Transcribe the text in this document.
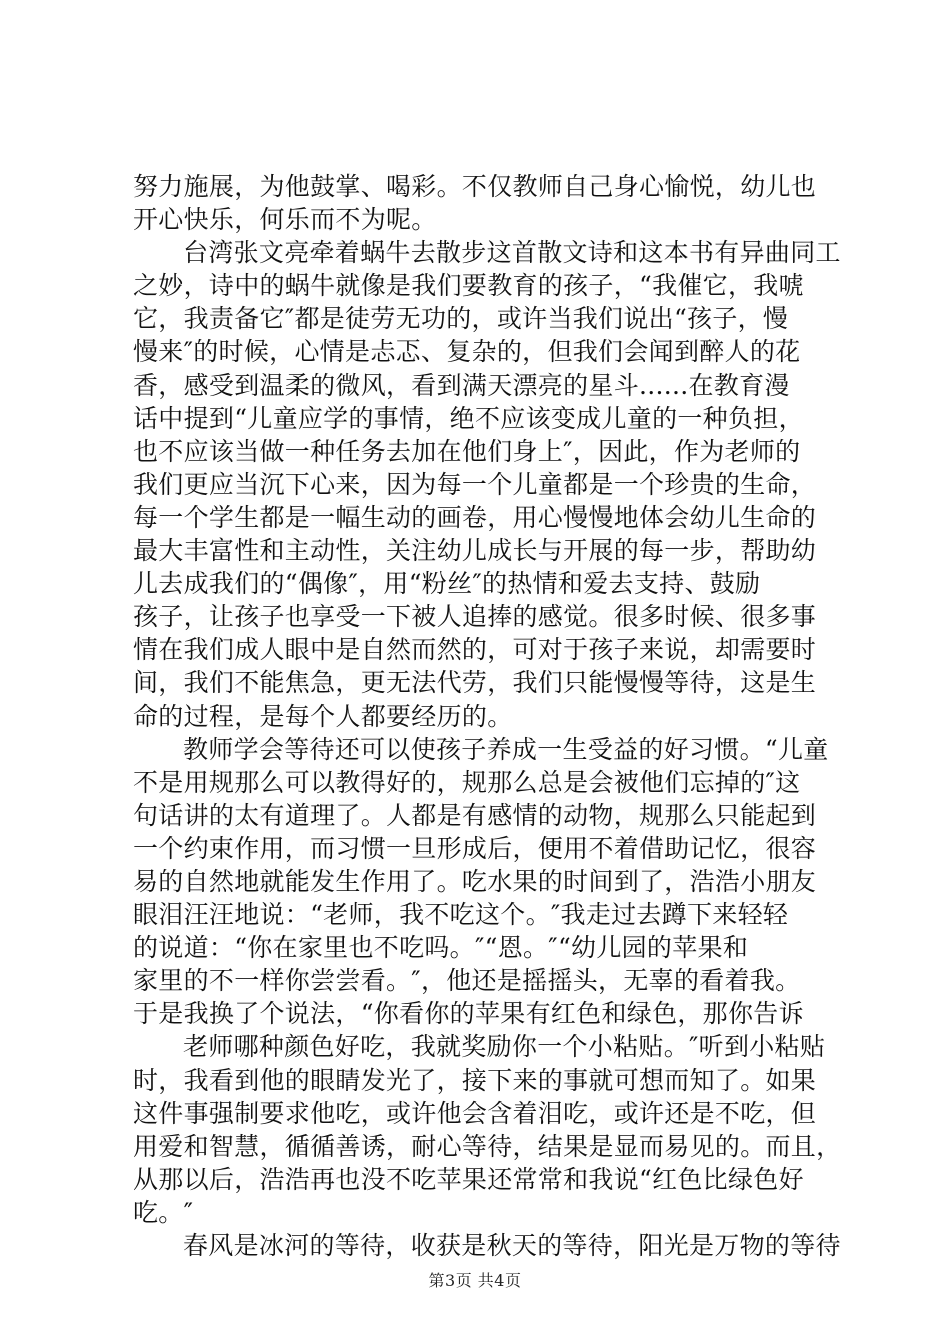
努力施展，为他鼓掌、喝彩。不仅教师自己身心愉悦，幼儿也
开心快乐，何乐而不为呢。
台湾张文亮牵着蜗牛去散步这首散文诗和这本书有异曲同工
之妙，诗中的蜗牛就像是我们要教育的孩子，“我催它，我唬
它，我责备它″都是徒劳无功的，或许当我们说出“孩子，慢
慢来″的时候，心情是忐忑、复杂的，但我们会闻到醉人的花
香，感受到温柔的微风，看到满天漂亮的星斗......在教育漫
话中提到“儿童应学的事情，绝不应该变成儿童的一种负担，
也不应该当做一种任务去加在他们身上″，因此，作为老师的
我们更应当沉下心来，因为每一个儿童都是一个珍贵的生命，
每一个学生都是一幅生动的画卷，用心慢慢地体会幼儿生命的
最大丰富性和主动性，关注幼儿成长与开展的每一步，帮助幼
儿去成我们的“偶像″，用“粉丝″的热情和爱去支持、鼓励
孩子，让孩子也享受一下被人追捧的感觉。很多时候、很多事
情在我们成人眼中是自然而然的，可对于孩子来说，却需要时
间，我们不能焦急，更无法代劳，我们只能慢慢等待，这是生
命的过程，是每个人都要经历的。
教师学会等待还可以使孩子养成一生受益的好习惯。“儿童
不是用规那么可以教得好的，规那么总是会被他们忘掉的″这
句话讲的太有道理了。人都是有感情的动物，规那么只能起到
一个约束作用，而习惯一旦形成后，便用不着借助记忆，很容
易的自然地就能发生作用了。吃水果的时间到了，浩浩小朋友
眼泪汪汪地说：“老师，我不吃这个。″我走过去蹲下来轻轻
的说道：“你在家里也不吃吗。″“恩。″“幼儿园的苹果和
家里的不一样你尝尝看。″，他还是摇摇头，无辜的看着我。
于是我换了个说法，“你看你的苹果有红色和绿色，那你告诉
老师哪种颜色好吃，我就奖励你一个小粘贴。″听到小粘贴
时，我看到他的眼睛发光了，接下来的事就可想而知了。如果
这件事强制要求他吃，或许他会含着泪吃，或许还是不吃，但
用爱和智慧，循循善诱，耐心等待，结果是显而易见的。而且，
从那以后，浩浩再也没不吃苹果还常常和我说“红色比绿色好
吃。″
春风是冰河的等待，收获是秋天的等待，阳光是万物的等待
第3页 共4页
